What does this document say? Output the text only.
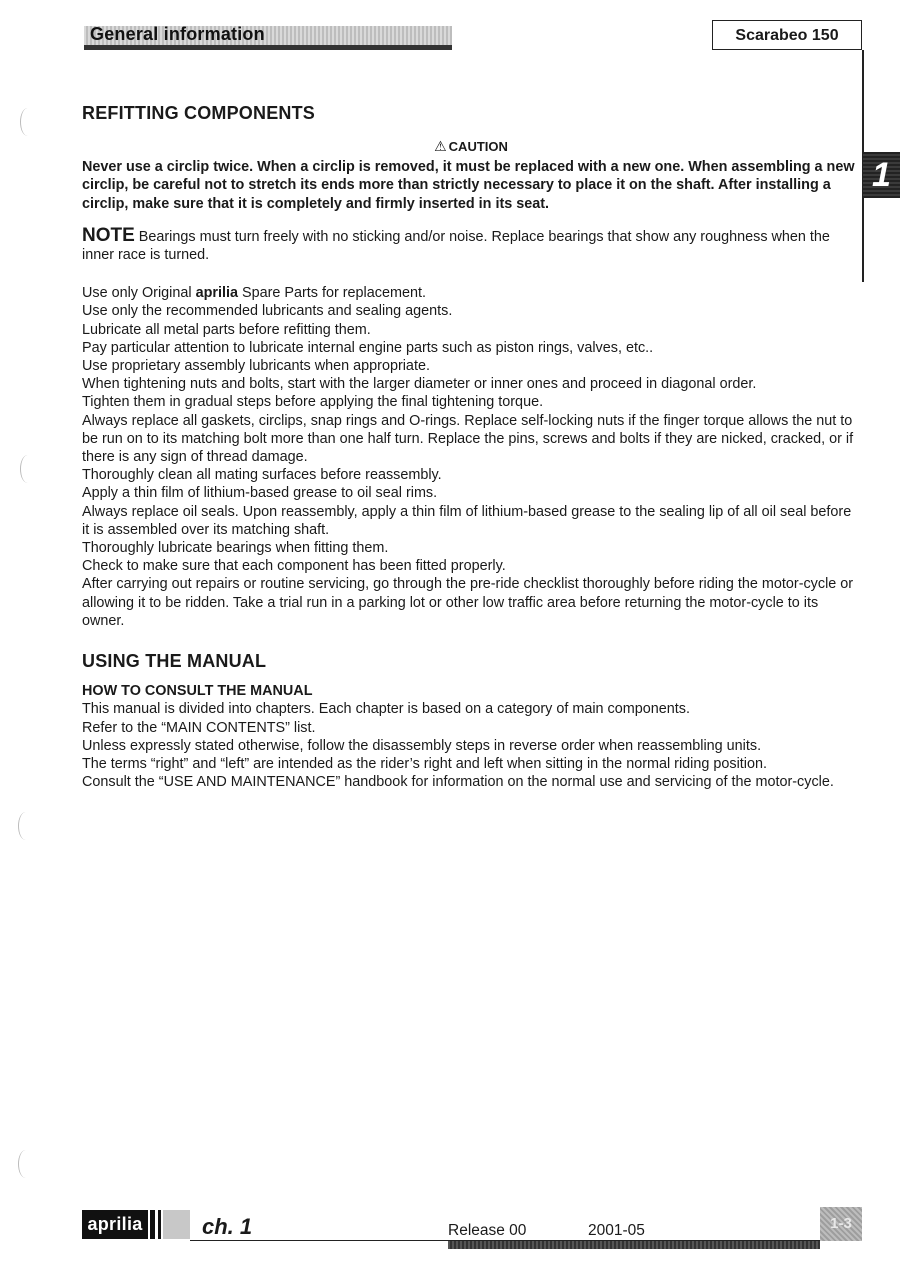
General information	Scarabeo 150
1
REFITTING COMPONENTS
⚠ CAUTION
Never use a circlip twice. When a circlip is removed, it must be replaced with a new one. When assembling a new circlip, be careful not to stretch its ends more than strictly necessary to place it on the shaft. After installing a circlip, make sure that it is completely and firmly inserted in its seat.
NOTE Bearings must turn freely with no sticking and/or noise. Replace bearings that show any roughness when the inner race is turned.

Use only Original aprilia Spare Parts for replacement.

Use only the recommended lubricants and sealing agents.

Lubricate all metal parts before refitting them.

Pay particular attention to lubricate internal engine parts such as piston rings, valves, etc..

Use proprietary assembly lubricants when appropriate.

When tightening nuts and bolts, start with the larger diameter or inner ones and proceed in diagonal order.

Tighten them in gradual steps before applying the final tightening torque.

Always replace all gaskets, circlips, snap rings and O-rings. Replace self-locking nuts if the finger torque allows the nut to be run on to its matching bolt more than one half turn. Replace the pins, screws and bolts if they are nicked, cracked, or if there is any sign of thread damage.

Thoroughly clean all mating surfaces before reassembly.

Apply a thin film of lithium-based grease to oil seal rims.

Always replace oil seals. Upon reassembly, apply a thin film of lithium-based grease to the sealing lip of all oil seal before it is assembled over its matching shaft.

Thoroughly lubricate bearings when fitting them.

Check to make sure that each component has been fitted properly.

After carrying out repairs or routine servicing, go through the pre-ride checklist thoroughly before riding the motor-cycle or allowing it to be ridden. Take a trial run in a parking lot or other low traffic area before returning the motor-cycle to its owner.

USING THE MANUAL
HOW TO CONSULT THE MANUAL

This manual is divided into chapters. Each chapter is based on a category of main components.

Refer to the “MAIN CONTENTS” list.

Unless expressly stated otherwise, follow the disassembly steps in reverse order when reassembling units.

The terms “right” and “left” are intended as the rider’s right and left when sitting in the normal riding position.

Consult the “USE AND MAINTENANCE” handbook for information on the normal use and servicing of the motor-cycle.

aprilia	ch. 1	Release 00	2001-05	1-3
